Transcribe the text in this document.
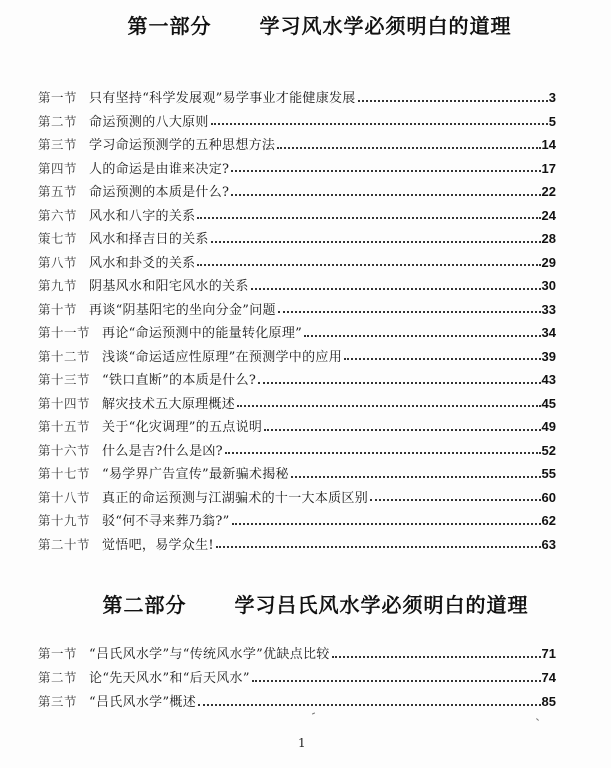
第一部分 学习风水学必须明白的道理
第一节 只有坚持“科学发展观”易学事业才能健康发展	3
第二节 命运预测的八大原则	5
第三节 学习命运预测学的五种思想方法	14
第四节 人的命运是由谁来决定?	17
第五节 命运预测的本质是什么?	22
第六节 风水和八字的关系	24
策七节 风水和择吉日的关系	28
第八节 风水和卦爻的关系	29
第九节 阴基风水和阳宅风水的关系	30
第十节 再谈“阴基阳宅的坐向分金”问题	33
第十一节 再论“命运预测中的能量转化原理”	34
第十二节 浅谈“命运适应性原理”在预测学中的应用	39
第十三节 “铁口直断”的本质是什么?	43
第十四节 解灾技术五大原理概述	45
第十五节 关于“化灾调理”的五点说明	49
第十六节 什么是吉?什么是凶?	52
第十七节 “易学界广告宣传”最新骗术揭秘	55
第十八节 真正的命运预测与江湖骗术的十一大本质区别	60
第十九节 驳“何不寻来葬乃翁?”	62
第二十节 觉悟吧，易学众生!	63
第二部分 学习吕氏风水学必须明白的道理
第一节 “吕氏风水学”与“传统风水学”优缺点比较	71
第二节 论“先天风水”和“后天风水”	74
第三节 “吕氏风水学”概述	85
1
